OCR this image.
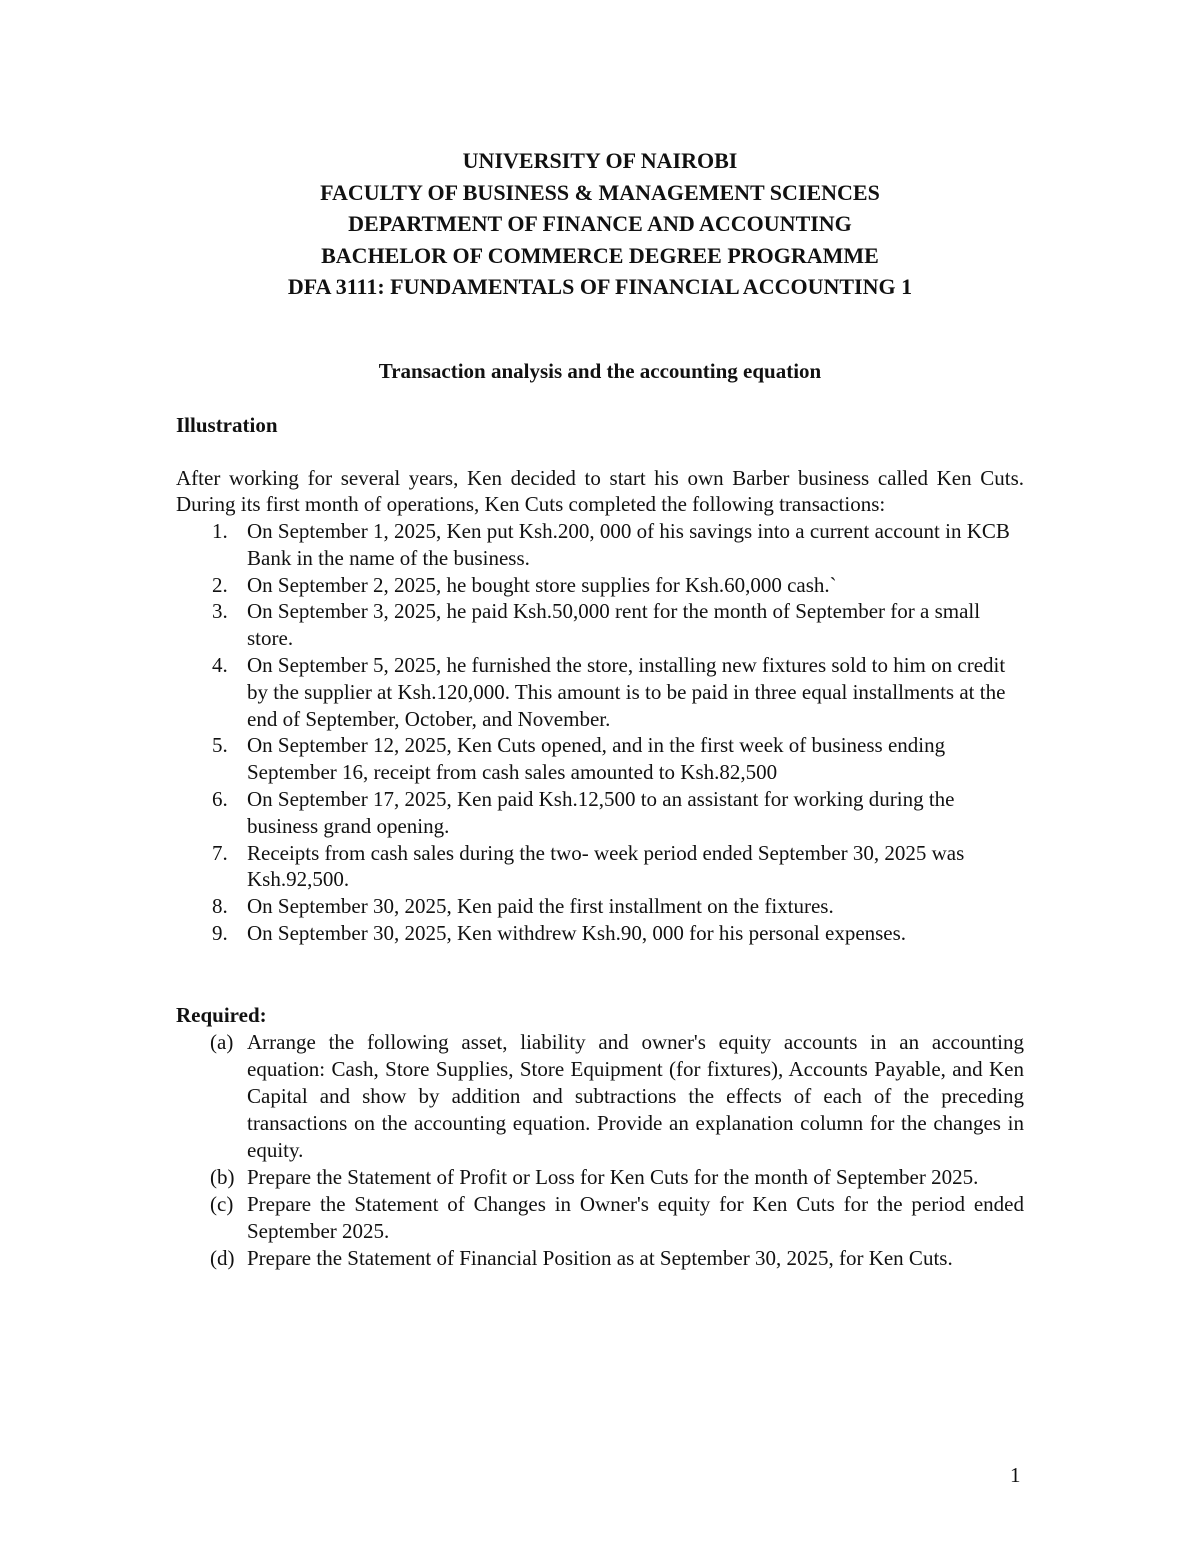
UNIVERSITY OF NAIROBI
FACULTY OF BUSINESS & MANAGEMENT SCIENCES
DEPARTMENT OF FINANCE AND ACCOUNTING
BACHELOR OF COMMERCE DEGREE PROGRAMME
DFA 3111: FUNDAMENTALS OF FINANCIAL ACCOUNTING 1
Transaction analysis and the accounting equation
Illustration
After working for several years, Ken decided to start his own Barber business called Ken Cuts. During its first month of operations, Ken Cuts completed the following transactions:
1. On September 1, 2025, Ken put Ksh.200, 000 of his savings into a current account in KCB Bank in the name of the business.
2. On September 2, 2025, he bought store supplies for Ksh.60,000 cash.`
3. On September 3, 2025, he paid Ksh.50,000 rent for the month of September for a small store.
4. On September 5, 2025, he furnished the store, installing new fixtures sold to him on credit by the supplier at Ksh.120,000. This amount is to be paid in three equal installments at the end of September, October, and November.
5. On September 12, 2025, Ken Cuts opened, and in the first week of business ending September 16, receipt from cash sales amounted to Ksh.82,500
6. On September 17, 2025, Ken paid Ksh.12,500 to an assistant for working during the business grand opening.
7. Receipts from cash sales during the two- week period ended September 30, 2025 was Ksh.92,500.
8. On September 30, 2025, Ken paid the first installment on the fixtures.
9. On September 30, 2025, Ken withdrew Ksh.90, 000 for his personal expenses.
Required:
(a) Arrange the following asset, liability and owner's equity accounts in an accounting equation: Cash, Store Supplies, Store Equipment (for fixtures), Accounts Payable, and Ken Capital and show by addition and subtractions the effects of each of the preceding transactions on the accounting equation. Provide an explanation column for the changes in equity.
(b) Prepare the Statement of Profit or Loss for Ken Cuts for the month of September 2025.
(c) Prepare the Statement of Changes in Owner's equity for Ken Cuts for the period ended September 2025.
(d) Prepare the Statement of Financial Position as at September 30, 2025, for Ken Cuts.
1
